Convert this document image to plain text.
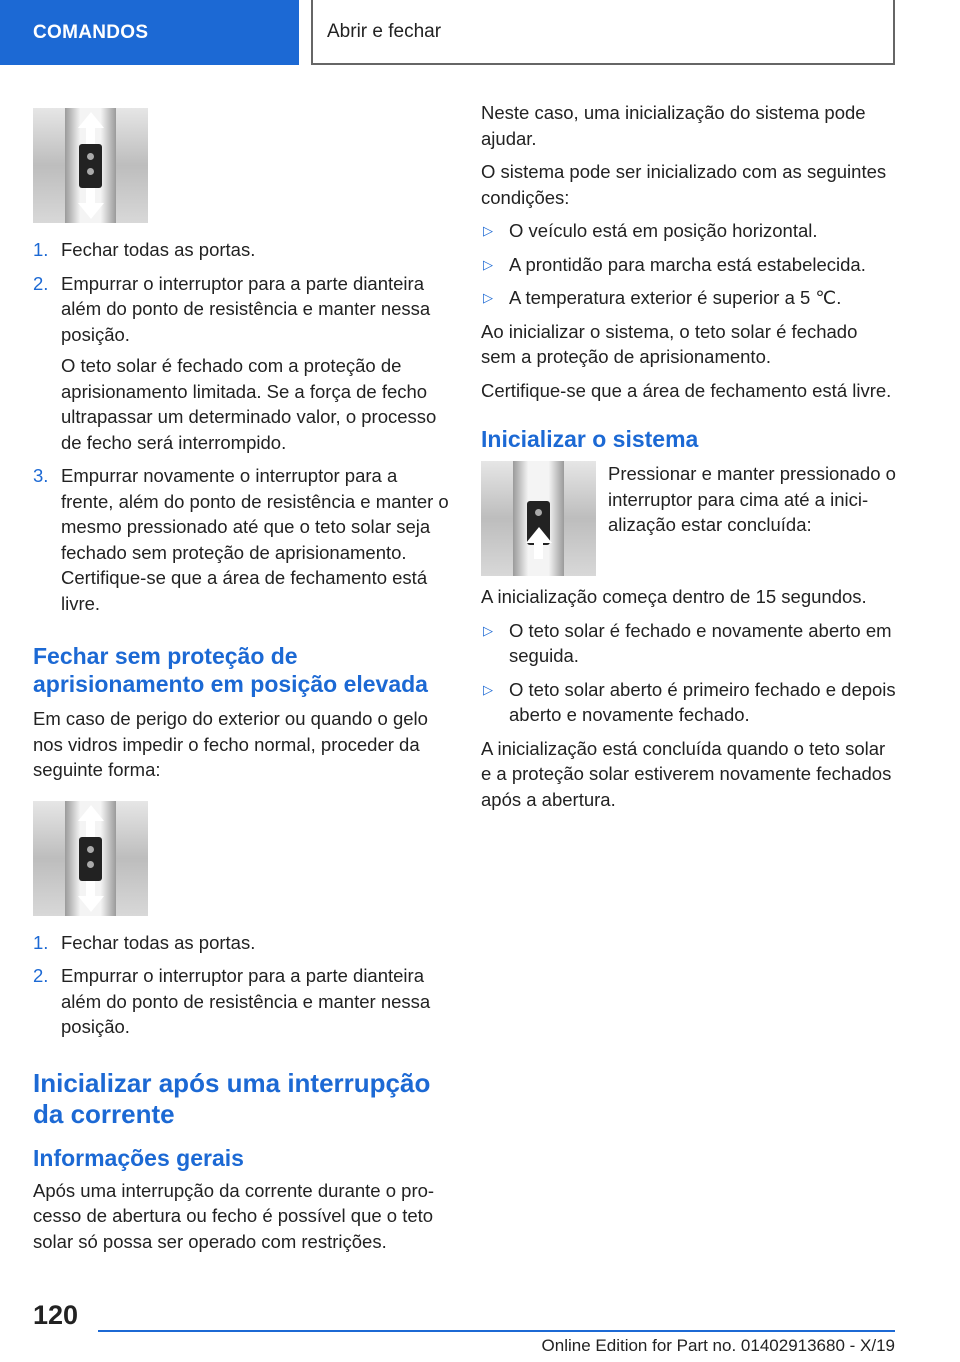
COMANDOS	Abrir e fechar
1. Fechar todas as portas.
2. Empurrar o interruptor para a parte dianteira além do ponto de resistência e manter nessa posição.

O teto solar é fechado com a proteção de aprisionamento limitada. Se a força de fecho ultrapassar um determinado valor, o processo de fecho será interrompido.

3. Empurrar novamente o interruptor para a frente, além do ponto de resistência e manter o mesmo pressionado até que o teto solar seja fechado sem proteção de aprisionamento. Certifique-se que a área de fechamento está livre.
Fechar sem proteção de aprisionamento em posição elevada

Em caso de perigo do exterior ou quando o gelo nos vidros impedir o fecho normal, proceder da seguinte forma:

1. Fechar todas as portas.
2. Empurrar o interruptor para a parte dianteira além do ponto de resistência e manter nessa posição.
Inicializar após uma interrupção da corrente
Informações gerais

Após uma interrupção da corrente durante o processo de abertura ou fecho é possível que o teto solar só possa ser operado com restrições.

Neste caso, uma inicialização do sistema pode ajudar.

O sistema pode ser inicializado com as seguintes condições:

▷ O veículo está em posição horizontal.
▷ A prontidão para marcha está estabelecida.
▷ A temperatura exterior é superior a 5 ℃.

Ao inicializar o sistema, o teto solar é fechado sem a proteção de aprisionamento.

Certifique-se que a área de fechamento está livre.

Inicializar o sistema

Pressionar e manter pressionado o interruptor para cima até a inicialização estar concluída:

A inicialização começa dentro de 15 segundos.

▷ O teto solar é fechado e novamente aberto em seguida.
▷ O teto solar aberto é primeiro fechado e depois aberto e novamente fechado.

A inicialização está concluída quando o teto solar e a proteção solar estiverem novamente fechados após a abertura.

120
Online Edition for Part no. 01402913680 - X/19
